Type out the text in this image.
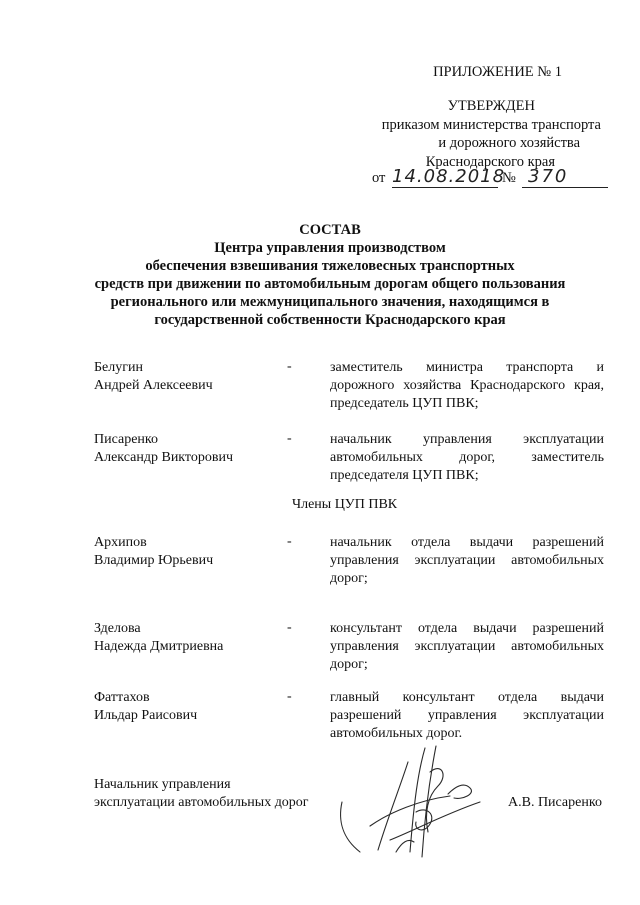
ПРИЛОЖЕНИЕ № 1
УТВЕРЖДЕН
приказом министерства транспорта
и дорожного хозяйства
Краснодарского края
от 14.08.2018
№ 370
СОСТАВ
Центра управления производством
обеспечения взвешивания тяжеловесных транспортных
средств при движении по автомобильным дорогам общего пользования
регионального или межмуниципального значения, находящимся в
государственной собственности Краснодарского края
Белугин
Андрей Алексеевич
-	заместитель министра транспорта и дорожного хозяйства Краснодарского края, председатель ЦУП ПВК;
Писаренко
Александр Викторович
-	начальник управления эксплуатации автомобильных дорог, заместитель председателя ЦУП ПВК;
Члены ЦУП ПВК
Архипов
Владимир Юрьевич
-	начальник отдела выдачи разрешений управления эксплуатации автомобильных дорог;
Зделова
Надежда Дмитриевна
-	консультант отдела выдачи разрешений управления эксплуатации автомобильных дорог;
Фаттахов
Ильдар Раисович
-	главный консультант отдела выдачи разрешений управления эксплуатации автомобильных дорог.
Начальник управления
эксплуатации автомобильных дорог	А.В. Писаренко
